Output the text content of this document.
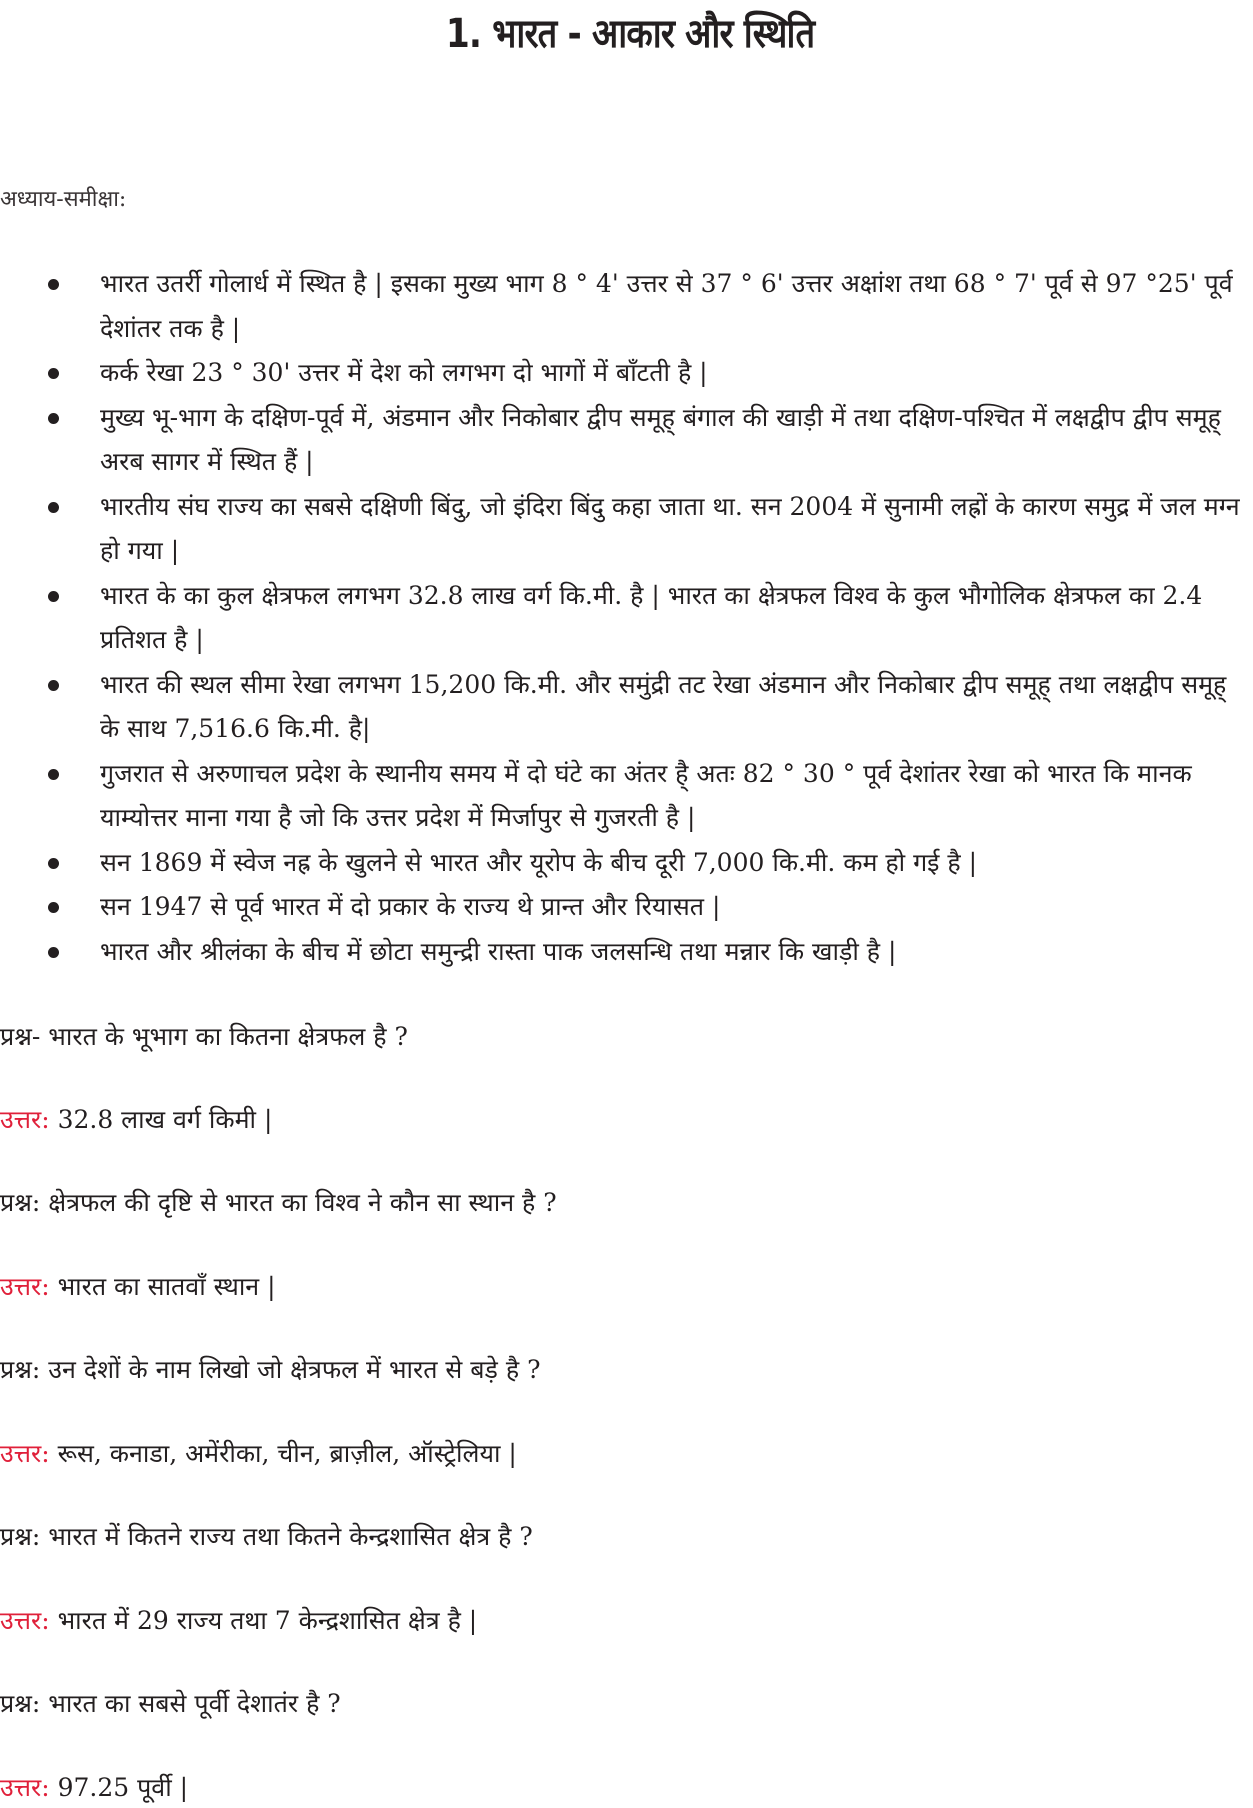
1. भारत - आकार और स्थिति
अध्याय-समीक्षा:
भारत उतर्री गोलार्ध में स्थित है | इसका मुख्य भाग 8 ° 4' उत्तर से 37 ° 6' उत्तर अक्षांश तथा 68 ° 7' पूर्व से 97 °25' पूर्व देशांतर तक है |
कर्क रेखा 23 ° 30' उत्तर में देश को लगभग दो भागों में बाँटती है |
मुख्य भू-भाग के दक्षिण-पूर्व में, अंडमान और निकोबार द्वीप समूह् बंगाल की खाड़ी में तथा दक्षिण-पश्चित में लक्षद्वीप द्वीप समूह् अरब सागर में स्थित हैं |
भारतीय संघ राज्य का सबसे दक्षिणी बिंदु, जो इंदिरा बिंदु कहा जाता था. सन 2004 में सुनामी लह्रों के कारण समुद्र में जल मग्न हो गया |
भारत के का कुल क्षेत्रफल लगभग 32.8 लाख वर्ग कि.मी. है | भारत का क्षेत्रफल विश्व के कुल भौगोलिक क्षेत्रफल का 2.4 प्रतिशत है |
भारत की स्थल सीमा रेखा लगभग 15,200 कि.मी. और समुंद्री तट रेखा अंडमान और निकोबार द्वीप समूह् तथा लक्षद्वीप समूह् के साथ 7,516.6 कि.मी. है|
गुजरात से अरुणाचल प्रदेश के स्थानीय समय में दो घंटे का अंतर है् अतः 82 ° 30 ° पूर्व देशांतर रेखा को भारत कि मानक याम्योत्तर माना गया है जो कि उत्तर प्रदेश में मिर्जापुर से गुजरती है |
सन 1869 में स्वेज नह्र के खुलने से भारत और यूरोप के बीच दूरी 7,000 कि.मी. कम हो गई है |
सन 1947 से पूर्व भारत में दो प्रकार के राज्य थे प्रान्त और रियासत |
भारत और श्रीलंका के बीच में छोटा समुन्द्री रास्ता पाक जलसन्धि तथा मन्नार कि खाड़ी है |
प्रश्न- भारत के भूभाग का कितना क्षेत्रफल है ?
उत्तर: 32.8 लाख वर्ग किमी |
प्रश्न: क्षेत्रफल की दृष्टि से भारत का विश्व ने कौन सा स्थान है ?
उत्तर: भारत का सातवाँ स्थान |
प्रश्न: उन देशों के नाम लिखो जो क्षेत्रफल में भारत से बड़े है ?
उत्तर: रूस, कनाडा, अमेंरीका, चीन, ब्राज़ील, ऑस्ट्रेलिया |
प्रश्न: भारत में कितने राज्य तथा कितने केन्द्रशासित क्षेत्र है ?
उत्तर: भारत में 29 राज्य तथा 7 केन्द्रशासित क्षेत्र है |
प्रश्न: भारत का सबसे पूर्वी देशातंर है ?
उत्तर: 97.25 पूर्वी |
